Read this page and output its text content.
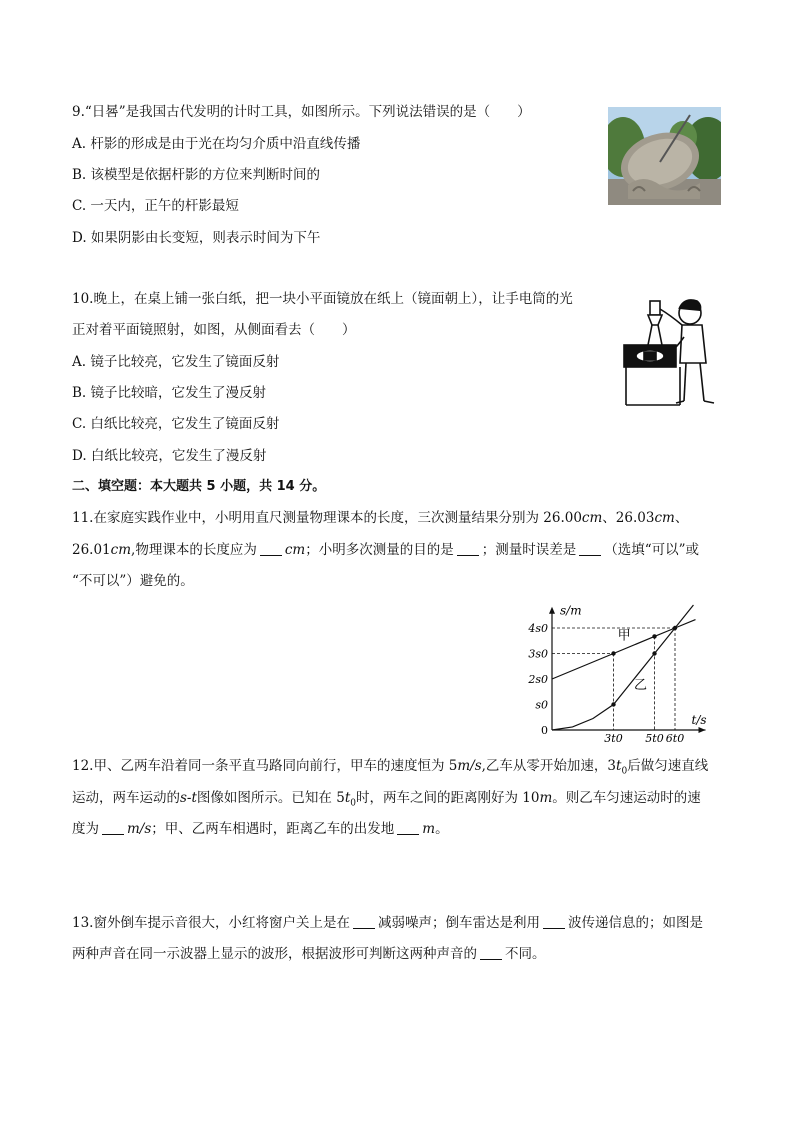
9.“日晷”是我国古代发明的计时工具，如图所示。下列说法错误的是（　　）
A. 杆影的形成是由于光在均匀介质中沿直线传播
B. 该模型是依据杆影的方位来判断时间的
C. 一天内，正午的杆影最短
D. 如果阴影由长变短，则表示时间为下午
10.晚上，在桌上铺一张白纸，把一块小平面镜放在纸上（镜面朝上），让手电筒的光
正对着平面镜照射，如图，从侧面看去（　　）
A. 镜子比较亮，它发生了镜面反射
B. 镜子比较暗，它发生了漫反射
C. 白纸比较亮，它发生了镜面反射
D. 白纸比较亮，它发生了漫反射
二、填空题：本大题共 5 小题，共 14 分。
11.在家庭实践作业中，小明用直尺测量物理课本的长度，三次测量结果分别为 26.00cm、26.03cm、
26.01cm,物理课本的长度应为 cm；小明多次测量的目的是 ；测量时误差是 （选填“可以”或
“不可以”）避免的。
s/m
t/s
0
s0
2s0
3s0
4s0
3t0 5t0 6t0
甲
乙
12.甲、乙两车沿着同一条平直马路同向前行，甲车的速度恒为 5m/s,乙车从零开始加速，$3t_0$后做匀速直线
运动，两车运动的s-t图像如图所示。已知在 $5t_0$时，两车之间的距离刚好为 10m。则乙车匀速运动时的速
度为 m/s；甲、乙两车相遇时，距离乙车的出发地 m。
13.窗外倒车提示音很大，小红将窗户关上是在 减弱噪声；倒车雷达是利用 波传递信息的；如图是
两种声音在同一示波器上显示的波形，根据波形可判断这两种声音的 不同。
